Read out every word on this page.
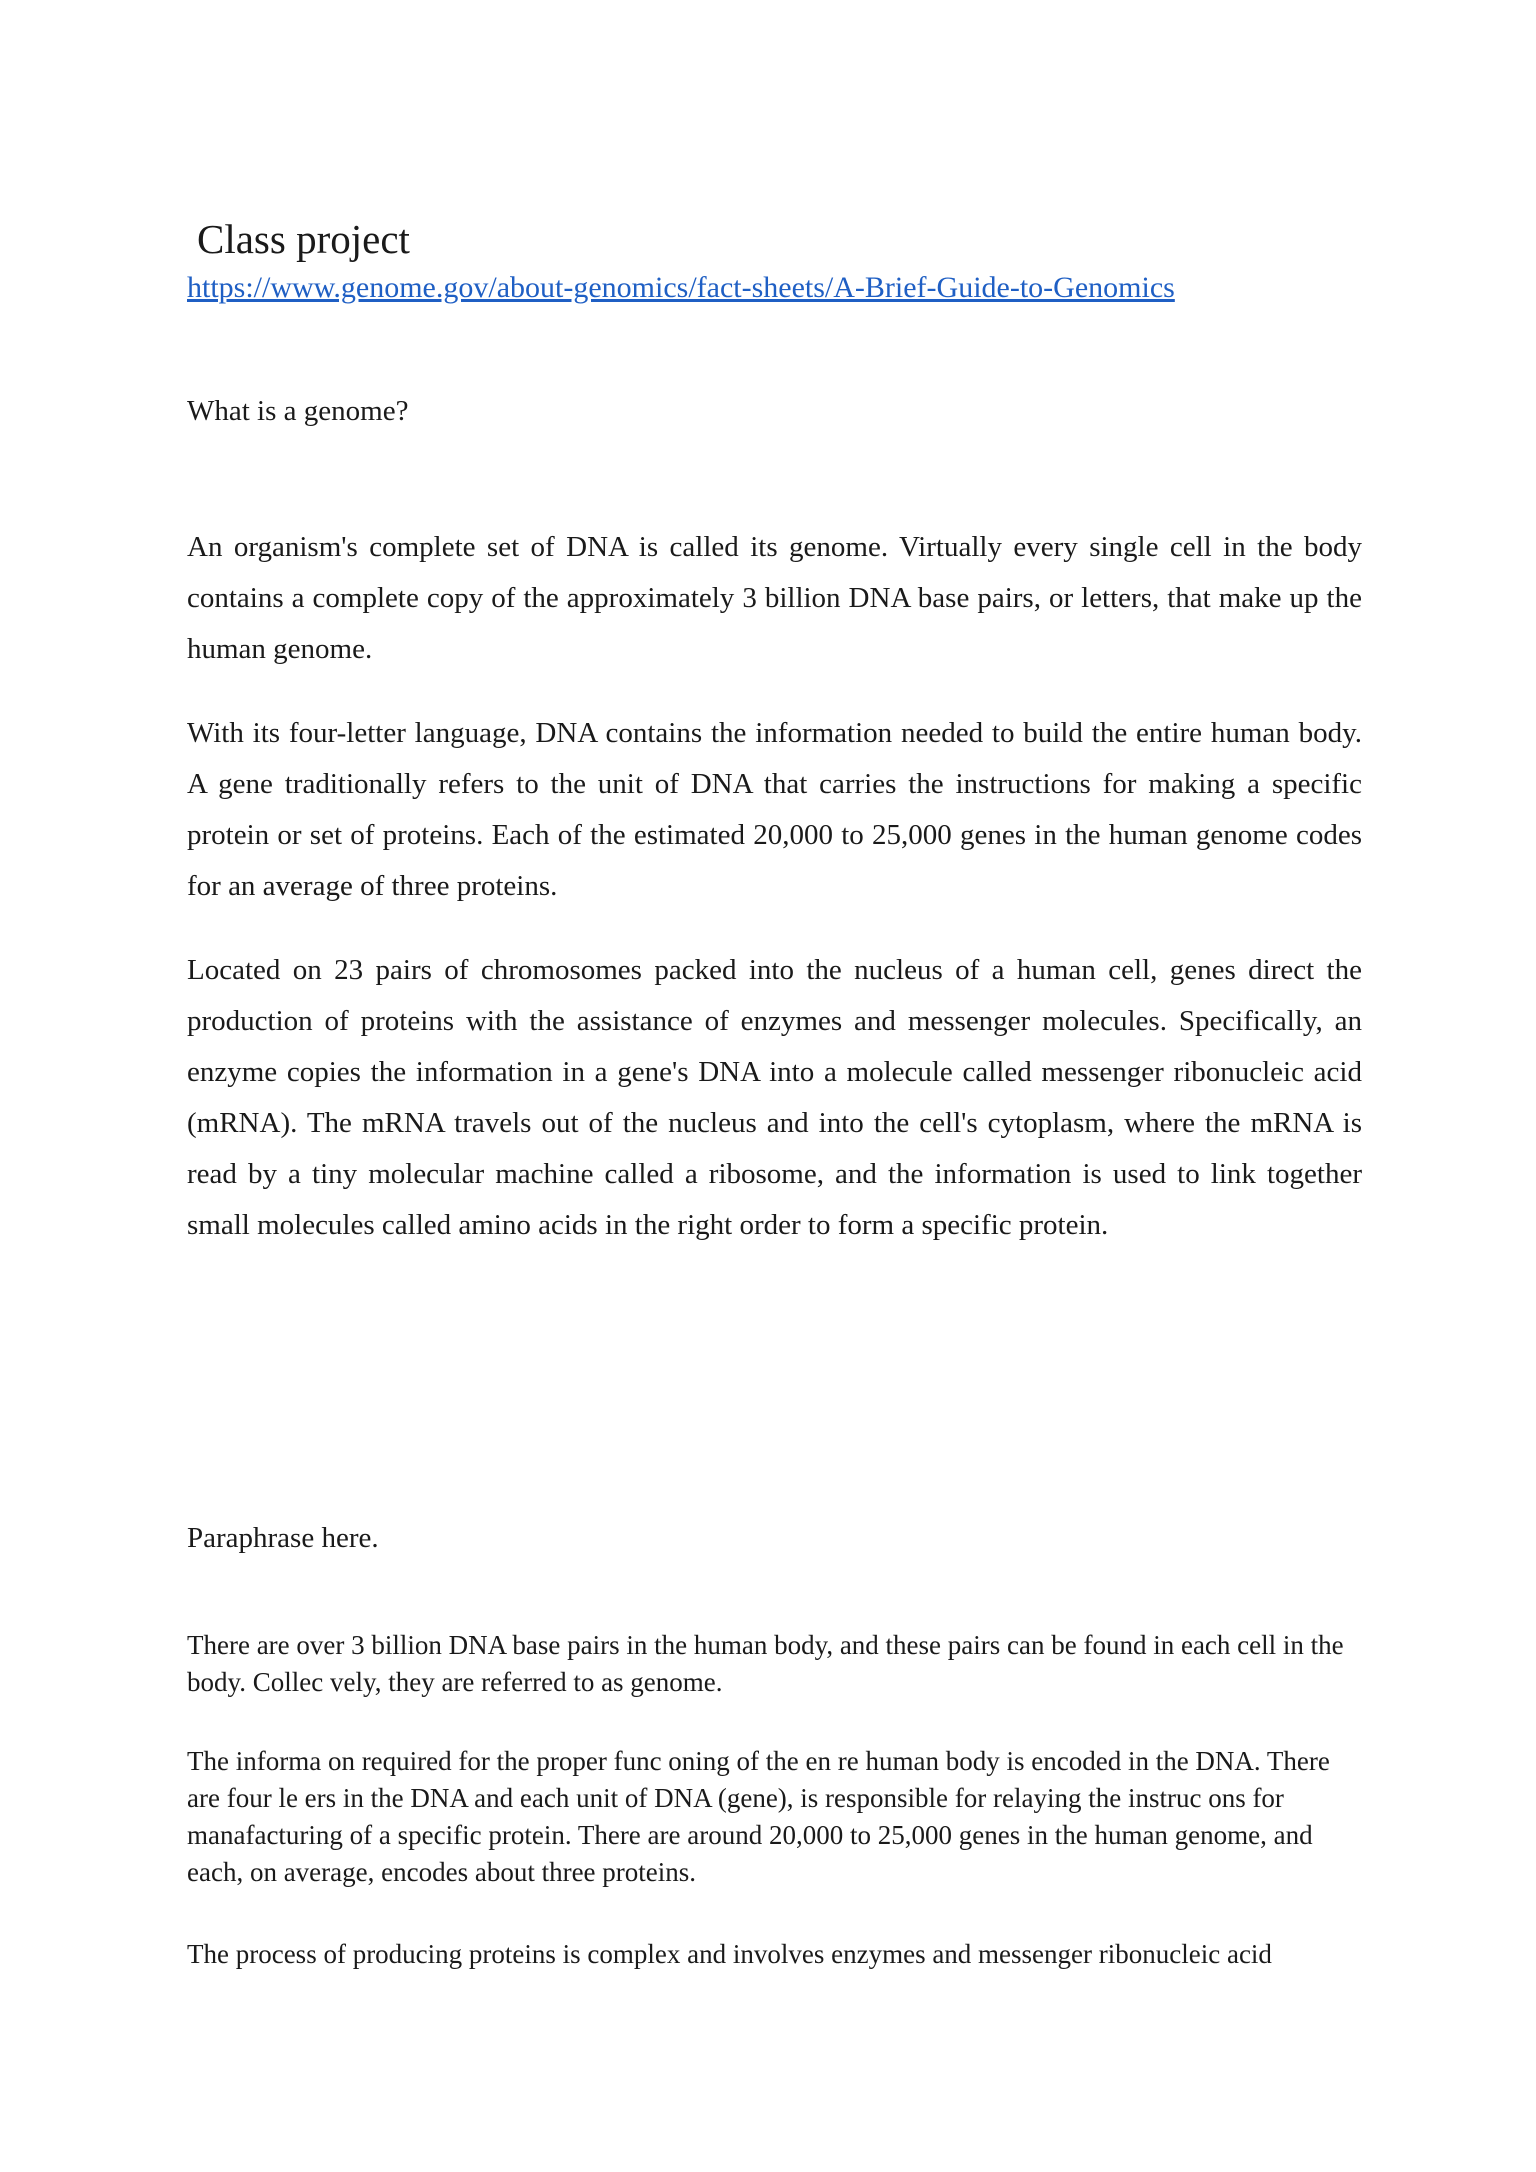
Class project
https://www.genome.gov/about-genomics/fact-sheets/A-Brief-Guide-to-Genomics

What is a genome?

An organism's complete set of DNA is called its genome. Virtually every single cell in the body contains a complete copy of the approximately 3 billion DNA base pairs, or letters, that make up the human genome.

With its four-letter language, DNA contains the information needed to build the entire human body. A gene traditionally refers to the unit of DNA that carries the instructions for making a specific protein or set of proteins. Each of the estimated 20,000 to 25,000 genes in the human genome codes for an average of three proteins.

Located on 23 pairs of chromosomes packed into the nucleus of a human cell, genes direct the production of proteins with the assistance of enzymes and messenger molecules. Specifically, an enzyme copies the information in a gene's DNA into a molecule called messenger ribonucleic acid (mRNA). The mRNA travels out of the nucleus and into the cell's cytoplasm, where the mRNA is read by a tiny molecular machine called a ribosome, and the information is used to link together small molecules called amino acids in the right order to form a specific protein.

Paraphrase here.

There are over 3 billion DNA base pairs in the human body, and these pairs can be found in each cell in the body. Collec vely, they are referred to as genome.

The informa on required for the proper func oning of the en re human body is encoded in the DNA. There are four le ers in the DNA and each unit of DNA (gene), is responsible for relaying the instruc ons for manafacturing of a specific protein. There are around 20,000 to 25,000 genes in the human genome, and each, on average, encodes about three proteins.

The process of producing proteins is complex and involves enzymes and messenger ribonucleic acid
